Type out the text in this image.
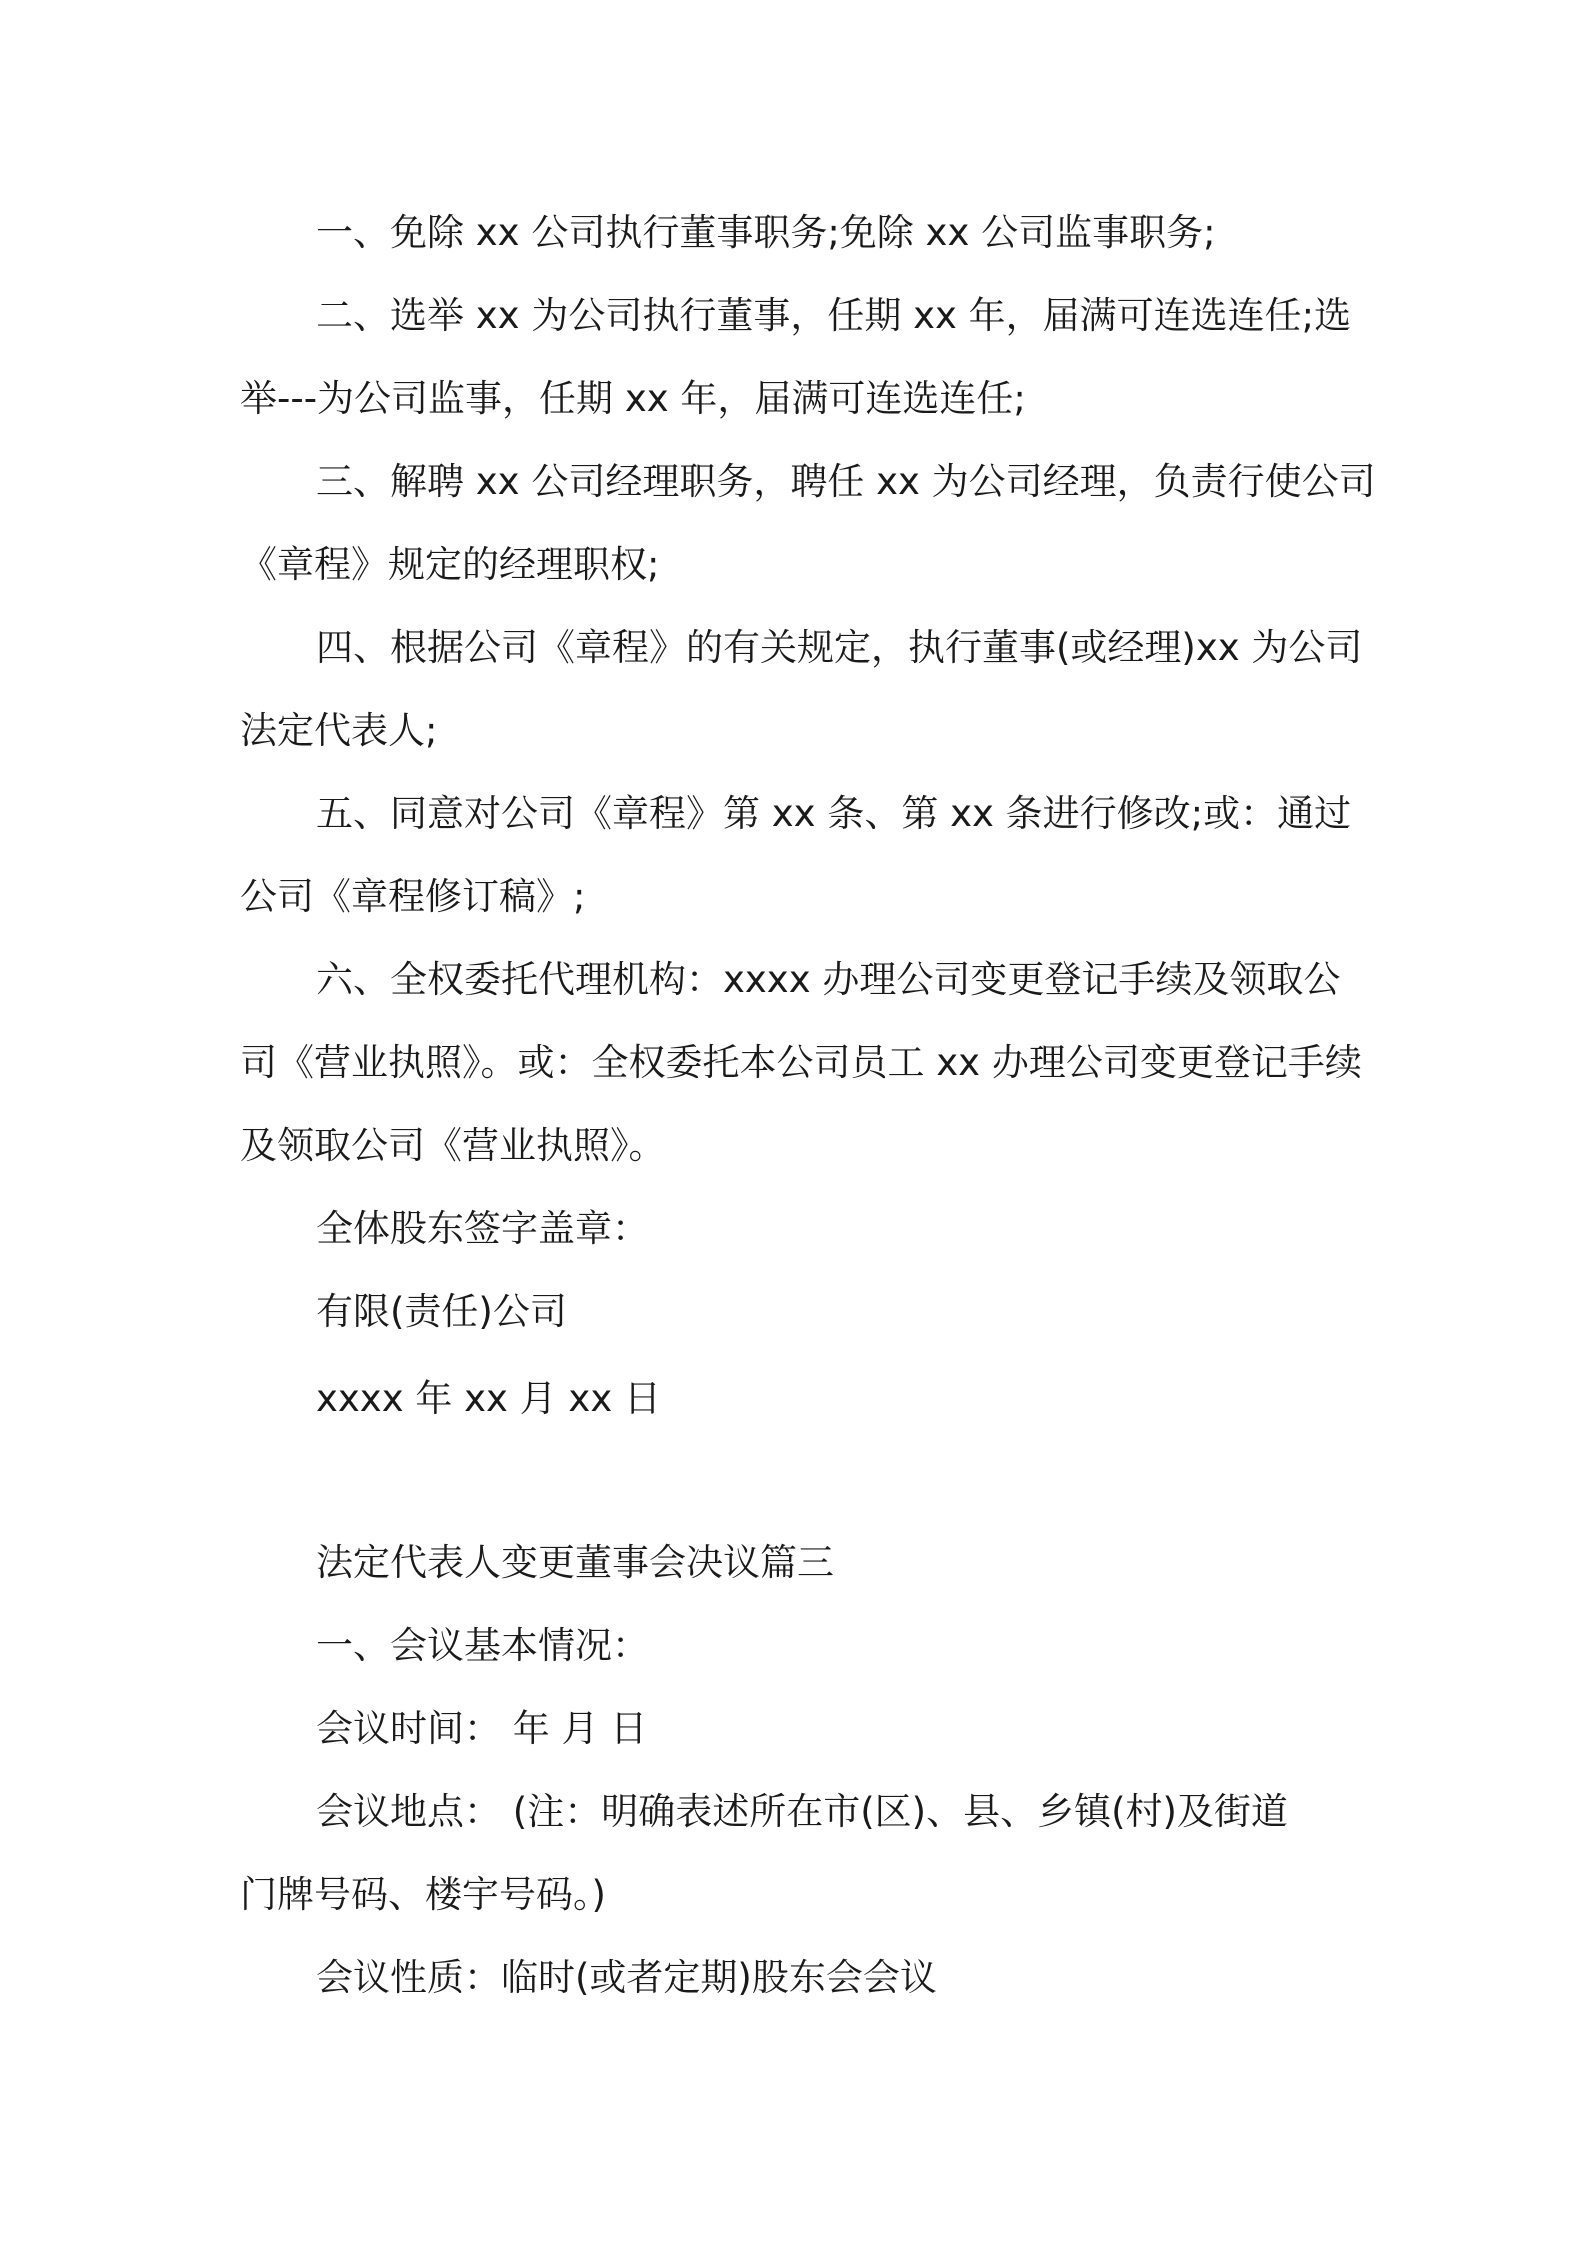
一、免除 xx 公司执行董事职务;免除 xx 公司监事职务;
二、选举 xx 为公司执行董事，任期 xx 年，届满可连选连任;选
举---为公司监事，任期 xx 年，届满可连选连任;
三、解聘 xx 公司经理职务，聘任 xx 为公司经理，负责行使公司
《章程》规定的经理职权;
四、根据公司《章程》的有关规定，执行董事(或经理)xx 为公司
法定代表人;
五、同意对公司《章程》第 xx 条、第 xx 条进行修改;或：通过
公司《章程修订稿》;
六、全权委托代理机构：xxxx 办理公司变更登记手续及领取公
司《营业执照》。或：全权委托本公司员工 xx 办理公司变更登记手续
及领取公司《营业执照》。
全体股东签字盖章：
有限(责任)公司
xxxx 年 xx 月 xx 日
法定代表人变更董事会决议篇三
一、会议基本情况：
会议时间： 年 月 日
会议地点： (注：明确表述所在市(区)、县、乡镇(村)及街道
门牌号码、楼宇号码。)
会议性质：临时(或者定期)股东会会议
